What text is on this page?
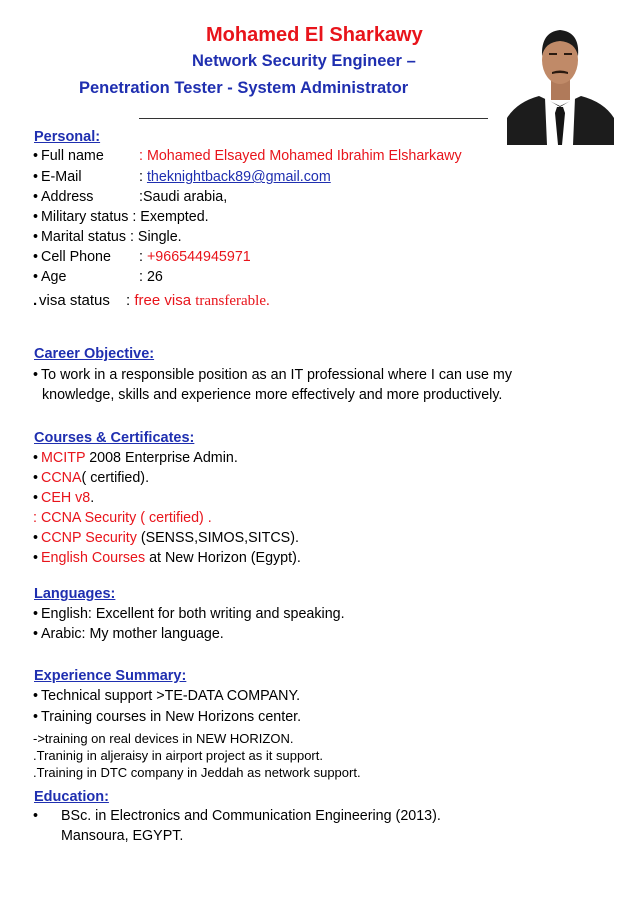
Mohamed El Sharkawy
Network Security Engineer –
Penetration Tester - System Administrator
Personal:
• Full name : Mohamed Elsayed Mohamed Ibrahim Elsharkawy
• E-Mail	: theknightback89@gmail.com
• Address	:Saudi arabia,
• Military status : Exempted.
• Marital status : Single.
• Cell Phone : +966544945971
• Age	: 26
. visa status : free visa transferable.
Career Objective:
• To work in a responsible position as an IT professional where I can use my
knowledge, skills and experience more effectively and more productively.
Courses & Certificates:
• MCITP 2008 Enterprise Admin.
• CCNA( certified).
• CEH v8.
: CCNA Security ( certified) .
• CCNP Security (SENSS,SIMOS,SITCS).
• English Courses at New Horizon (Egypt).
Languages:
• English: Excellent for both writing and speaking.
• Arabic: My mother language.
Experience Summary:
• Technical support >TE-DATA COMPANY.
• Training courses in New Horizons center.
->training on real devices in NEW HORIZON.
.Traninig in aljeraisy in airport project as it support.
.Training in DTC company in Jeddah as network support.
Education:
• BSc. in Electronics and Communication Engineering (2013).
Mansoura, EGYPT.
